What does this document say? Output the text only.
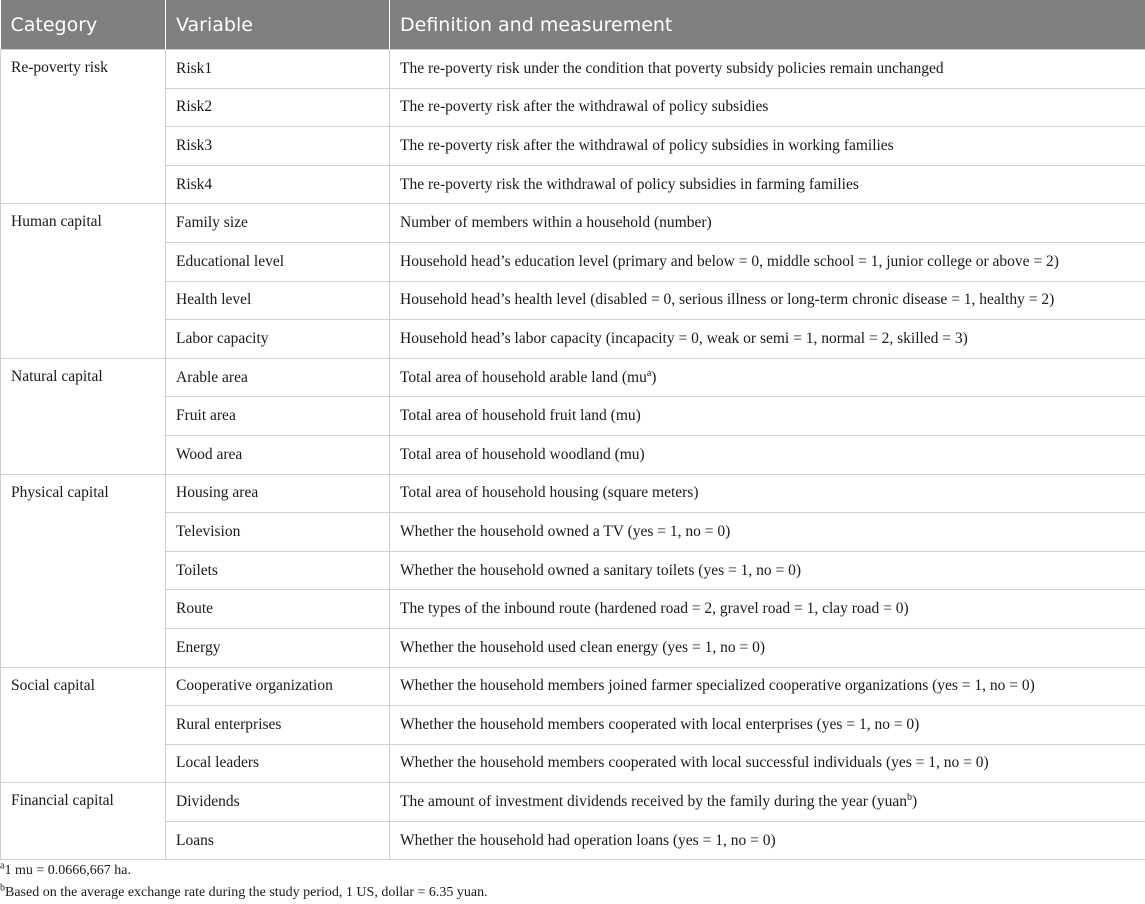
Category	Variable	Definition and measurement
Re-poverty risk	Risk1	The re-poverty risk under the condition that poverty subsidy policies remain unchanged
	Risk2	The re-poverty risk after the withdrawal of policy subsidies
	Risk3	The re-poverty risk after the withdrawal of policy subsidies in working families
	Risk4	The re-poverty risk the withdrawal of policy subsidies in farming families
Human capital	Family size	Number of members within a household (number)
	Educational level	Household head’s education level (primary and below = 0, middle school = 1, junior college or above = 2)
	Health level	Household head’s health level (disabled = 0, serious illness or long-term chronic disease = 1, healthy = 2)
	Labor capacity	Household head’s labor capacity (incapacity = 0, weak or semi = 1, normal = 2, skilled = 3)
Natural capital	Arable area	Total area of household arable land $(mu^a)$
	Fruit area	Total area of household fruit land (mu)
	Wood area	Total area of household woodland (mu)
Physical capital	Housing area	Total area of household housing (square meters)
	Television	Whether the household owned a TV (yes = 1, no = 0)
	Toilets	Whether the household owned a sanitary toilets (yes = 1, no = 0)
	Route	The types of the inbound route (hardened road = 2, gravel road = 1, clay road = 0)
	Energy	Whether the household used clean energy (yes = 1, no = 0)
Social capital	Cooperative organization	Whether the household members joined farmer specialized cooperative organizations (yes = 1, no = 0)
	Rural enterprises	Whether the household members cooperated with local enterprises (yes = 1, no = 0)
	Local leaders	Whether the household members cooperated with local successful individuals (yes = 1, no = 0)
Financial capital	Dividends	The amount of investment dividends received by the family during the year (yuan$^b$)
	Loans	Whether the household had operation loans (yes = 1, no = 0)
$^a$1 mu = 0.0666,667 ha.
$^b$Based on the average exchange rate during the study period, 1 US, dollar = 6.35 yuan.
